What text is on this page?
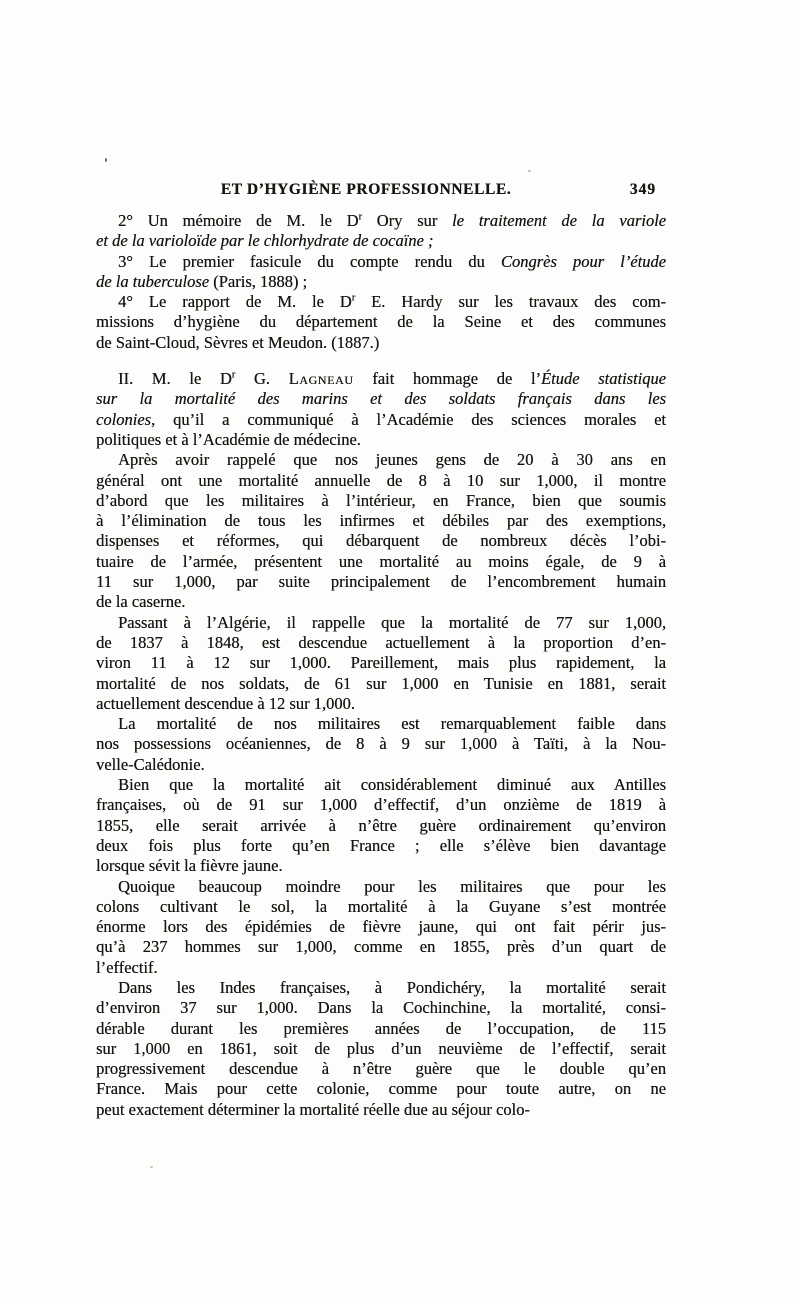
ET D’HYGIÈNE PROFESSIONNELLE.	349
2° Un mémoire de M. le $D^r$ Ory sur le traitement de la variole
et de la varioloïde par le chlorhydrate de cocaïne ;
3° Le premier fasicule du compte rendu du Congrès pour l’étude
de la tuberculose (Paris, 1888) ;
4° Le rapport de M. le $D^r$ E. Hardy sur les travaux des com-
missions d’hygiène du département de la Seine et des communes
de Saint-Cloud, Sèvres et Meudon. (1887.)
II. M. le $D^r$ G. Lagneau fait hommage de l’Étude statistique
sur la mortalité des marins et des soldats français dans les
colonies, qu’il a communiqué à l’Académie des sciences morales et
politiques et à l’Académie de médecine.
Après avoir rappelé que nos jeunes gens de 20 à 30 ans en
général ont une mortalité annuelle de 8 à 10 sur 1,000, il montre
d’abord que les militaires à l’intérieur, en France, bien que soumis
à l’élimination de tous les infirmes et débiles par des exemptions,
dispenses et réformes, qui débarquent de nombreux décès l’obi-
tuaire de l’armée, présentent une mortalité au moins égale, de 9 à
11 sur 1,000, par suite principalement de l’encombrement humain
de la caserne.
Passant à l’Algérie, il rappelle que la mortalité de 77 sur 1,000,
de 1837 à 1848, est descendue actuellement à la proportion d’en-
viron 11 à 12 sur 1,000. Pareillement, mais plus rapidement, la
mortalité de nos soldats, de 61 sur 1,000 en Tunisie en 1881, serait
actuellement descendue à 12 sur 1,000.
La mortalité de nos militaires est remarquablement faible dans
nos possessions océaniennes, de 8 à 9 sur 1,000 à Taïti, à la Nou-
velle-Calédonie.
Bien que la mortalité ait considérablement diminué aux Antilles
françaises, où de 91 sur 1,000 d’effectif, d’un onzième de 1819 à
1855, elle serait arrivée à n’être guère ordinairement qu’environ
deux fois plus forte qu’en France ; elle s’élève bien davantage
lorsque sévit la fièvre jaune.
Quoique beaucoup moindre pour les militaires que pour les
colons cultivant le sol, la mortalité à la Guyane s’est montrée
énorme lors des épidémies de fièvre jaune, qui ont fait périr jus-
qu’à 237 hommes sur 1,000, comme en 1855, près d’un quart de
l’effectif.
Dans les Indes françaises, à Pondichéry, la mortalité serait
d’environ 37 sur 1,000. Dans la Cochinchine, la mortalité, consi-
dérable durant les premières années de l’occupation, de 115
sur 1,000 en 1861, soit de plus d’un neuvième de l’effectif, serait
progressivement descendue à n’être guère que le double qu’en
France. Mais pour cette colonie, comme pour toute autre, on ne
peut exactement déterminer la mortalité réelle due au séjour colo-
